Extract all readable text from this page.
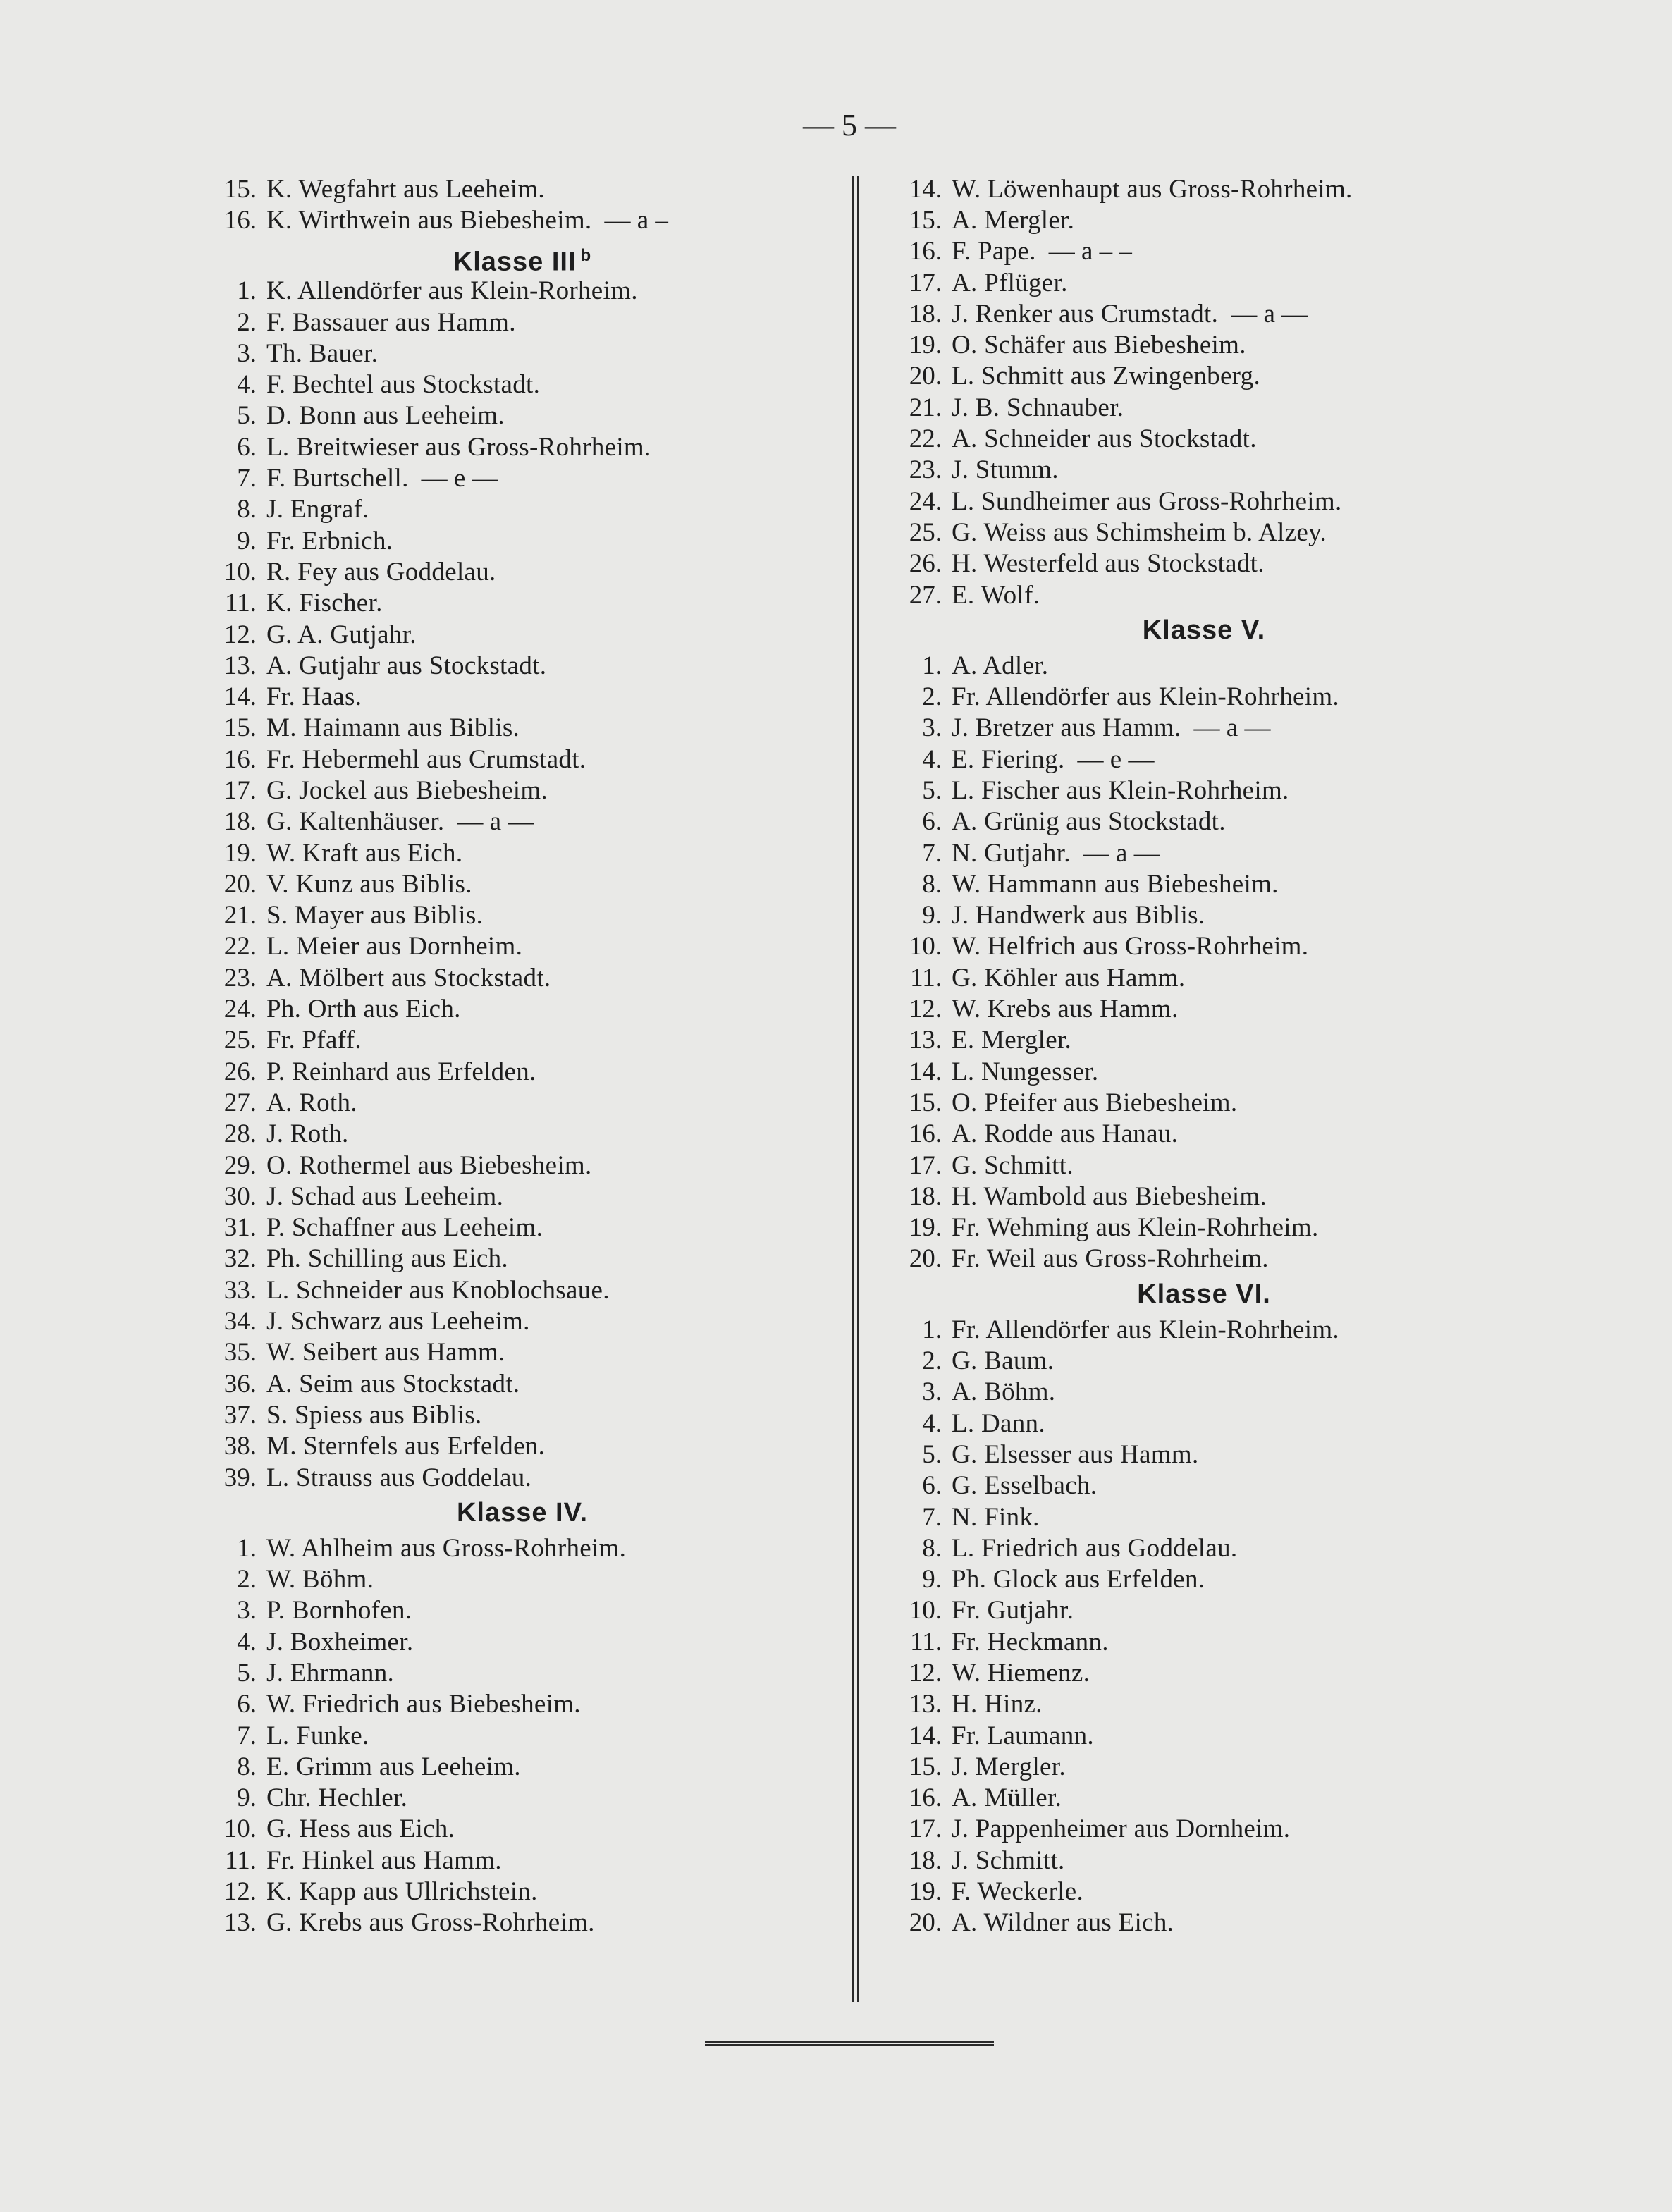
— 5 —
15. K. Wegfahrt aus Leeheim.
16. K. Wirthwein aus Biebesheim. — a –
Klasse III $^b$
1. K. Allendörfer aus Klein-Rorheim.
2. F. Bassauer aus Hamm.
3. Th. Bauer.
4. F. Bechtel aus Stockstadt.
5. D. Bonn aus Leeheim.
6. L. Breitwieser aus Gross-Rohrheim.
7. F. Burtschell. — e —
8. J. Engraf.
9. Fr. Erbnich.
10. R. Fey aus Goddelau.
11. K. Fischer.
12. G. A. Gutjahr.
13. A. Gutjahr aus Stockstadt.
14. Fr. Haas.
15. M. Haimann aus Biblis.
16. Fr. Hebermehl aus Crumstadt.
17. G. Jockel aus Biebesheim.
18. G. Kaltenhäuser. — a —
19. W. Kraft aus Eich.
20. V. Kunz aus Biblis.
21. S. Mayer aus Biblis.
22. L. Meier aus Dornheim.
23. A. Mölbert aus Stockstadt.
24. Ph. Orth aus Eich.
25. Fr. Pfaff.
26. P. Reinhard aus Erfelden.
27. A. Roth.
28. J. Roth.
29. O. Rothermel aus Biebesheim.
30. J. Schad aus Leeheim.
31. P. Schaffner aus Leeheim.
32. Ph. Schilling aus Eich.
33. L. Schneider aus Knoblochsaue.
34. J. Schwarz aus Leeheim.
35. W. Seibert aus Hamm.
36. A. Seim aus Stockstadt.
37. S. Spiess aus Biblis.
38. M. Sternfels aus Erfelden.
39. L. Strauss aus Goddelau.
Klasse IV.
1. W. Ahlheim aus Gross-Rohrheim.
2. W. Böhm.
3. P. Bornhofen.
4. J. Boxheimer.
5. J. Ehrmann.
6. W. Friedrich aus Biebesheim.
7. L. Funke.
8. E. Grimm aus Leeheim.
9. Chr. Hechler.
10. G. Hess aus Eich.
11. Fr. Hinkel aus Hamm.
12. K. Kapp aus Ullrichstein.
13. G. Krebs aus Gross-Rohrheim.
14. W. Löwenhaupt aus Gross-Rohrheim.
15. A. Mergler.
16. F. Pape. — a – –
17. A. Pflüger.
18. J. Renker aus Crumstadt. — a —
19. O. Schäfer aus Biebesheim.
20. L. Schmitt aus Zwingenberg.
21. J. B. Schnauber.
22. A. Schneider aus Stockstadt.
23. J. Stumm.
24. L. Sundheimer aus Gross-Rohrheim.
25. G. Weiss aus Schimsheim b. Alzey.
26. H. Westerfeld aus Stockstadt.
27. E. Wolf.
Klasse V.
1. A. Adler.
2. Fr. Allendörfer aus Klein-Rohrheim.
3. J. Bretzer aus Hamm. — a —
4. E. Fiering. — e —
5. L. Fischer aus Klein-Rohrheim.
6. A. Grünig aus Stockstadt.
7. N. Gutjahr. — a —
8. W. Hammann aus Biebesheim.
9. J. Handwerk aus Biblis.
10. W. Helfrich aus Gross-Rohrheim.
11. G. Köhler aus Hamm.
12. W. Krebs aus Hamm.
13. E. Mergler.
14. L. Nungesser.
15. O. Pfeifer aus Biebesheim.
16. A. Rodde aus Hanau.
17. G. Schmitt.
18. H. Wambold aus Biebesheim.
19. Fr. Wehming aus Klein-Rohrheim.
20. Fr. Weil aus Gross-Rohrheim.
Klasse VI.
1. Fr. Allendörfer aus Klein-Rohrheim.
2. G. Baum.
3. A. Böhm.
4. L. Dann.
5. G. Elsesser aus Hamm.
6. G. Esselbach.
7. N. Fink.
8. L. Friedrich aus Goddelau.
9. Ph. Glock aus Erfelden.
10. Fr. Gutjahr.
11. Fr. Heckmann.
12. W. Hiemenz.
13. H. Hinz.
14. Fr. Laumann.
15. J. Mergler.
16. A. Müller.
17. J. Pappenheimer aus Dornheim.
18. J. Schmitt.
19. F. Weckerle.
20. A. Wildner aus Eich.
